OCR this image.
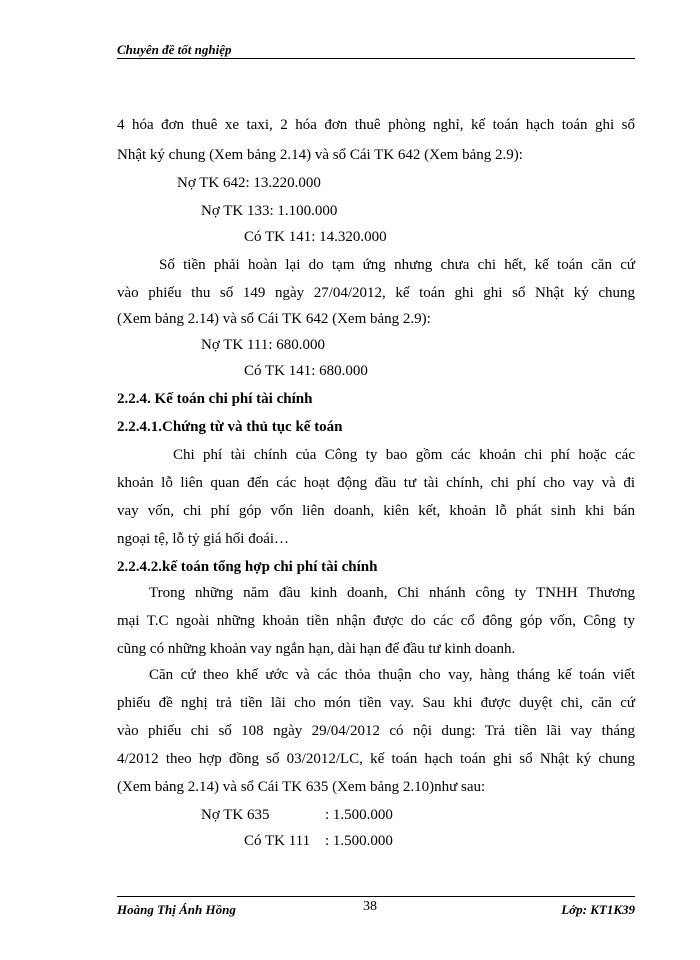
Chuyên đề tốt nghiệp
4 hóa đơn thuê xe taxi, 2 hóa đơn thuê phòng nghỉ, kế toán hạch toán ghi sổ
Nhật ký chung (Xem bảng 2.14) và sổ Cái TK 642 (Xem bảng 2.9):
Nợ TK 642: 13.220.000
Nợ TK 133: 1.100.000
Có TK 141: 14.320.000
Số tiền phải hoàn lại do tạm ứng nhưng chưa chi hết, kế toán căn cứ
vào phiếu thu số 149 ngày 27/04/2012, kế toán ghi ghi sổ Nhật ký chung
(Xem bảng 2.14) và sổ Cái TK 642 (Xem bảng 2.9):
Nợ TK 111: 680.000
Có TK 141: 680.000
2.2.4. Kế toán chi phí tài chính
2.2.4.1.Chứng từ và thủ tục kế toán
Chi phí tài chính của Công ty bao gồm các khoản chi phí hoặc các
khoản lỗ liên quan đến các hoạt động đầu tư tài chính, chi phí cho vay và đi
vay vốn, chi phí góp vốn liên doanh, kiên kết, khoản lỗ phát sinh khi bán
ngoại tệ, lỗ tỷ giá hối đoái…
2.2.4.2.kế toán tổng hợp chi phí tài chính
Trong những năm đầu kinh doanh, Chi nhánh công ty TNHH Thương
mại T.C ngoài những khoản tiền nhận được do các cổ đông góp vốn, Công ty
cũng có những khoản vay ngắn hạn, dài hạn để đầu tư kinh doanh.
Căn cứ theo khế ước và các thỏa thuận cho vay, hàng tháng kế toán viết
phiếu đề nghị trả tiền lãi cho món tiền vay. Sau khi được duyệt chi, căn cứ
vào phiếu chi số 108 ngày 29/04/2012 có nội dung: Trả tiền lãi vay tháng
4/2012 theo hợp đồng số 03/2012/LC, kế toán hạch toán ghi sổ Nhật ký chung
(Xem bảng 2.14) và sổ Cái TK 635 (Xem bảng 2.10)như sau:
Nợ TK 635	: 1.500.000
Có TK 111 : 1.500.000
Hoàng Thị Ánh Hồng	38	Lớp: KT1K39
